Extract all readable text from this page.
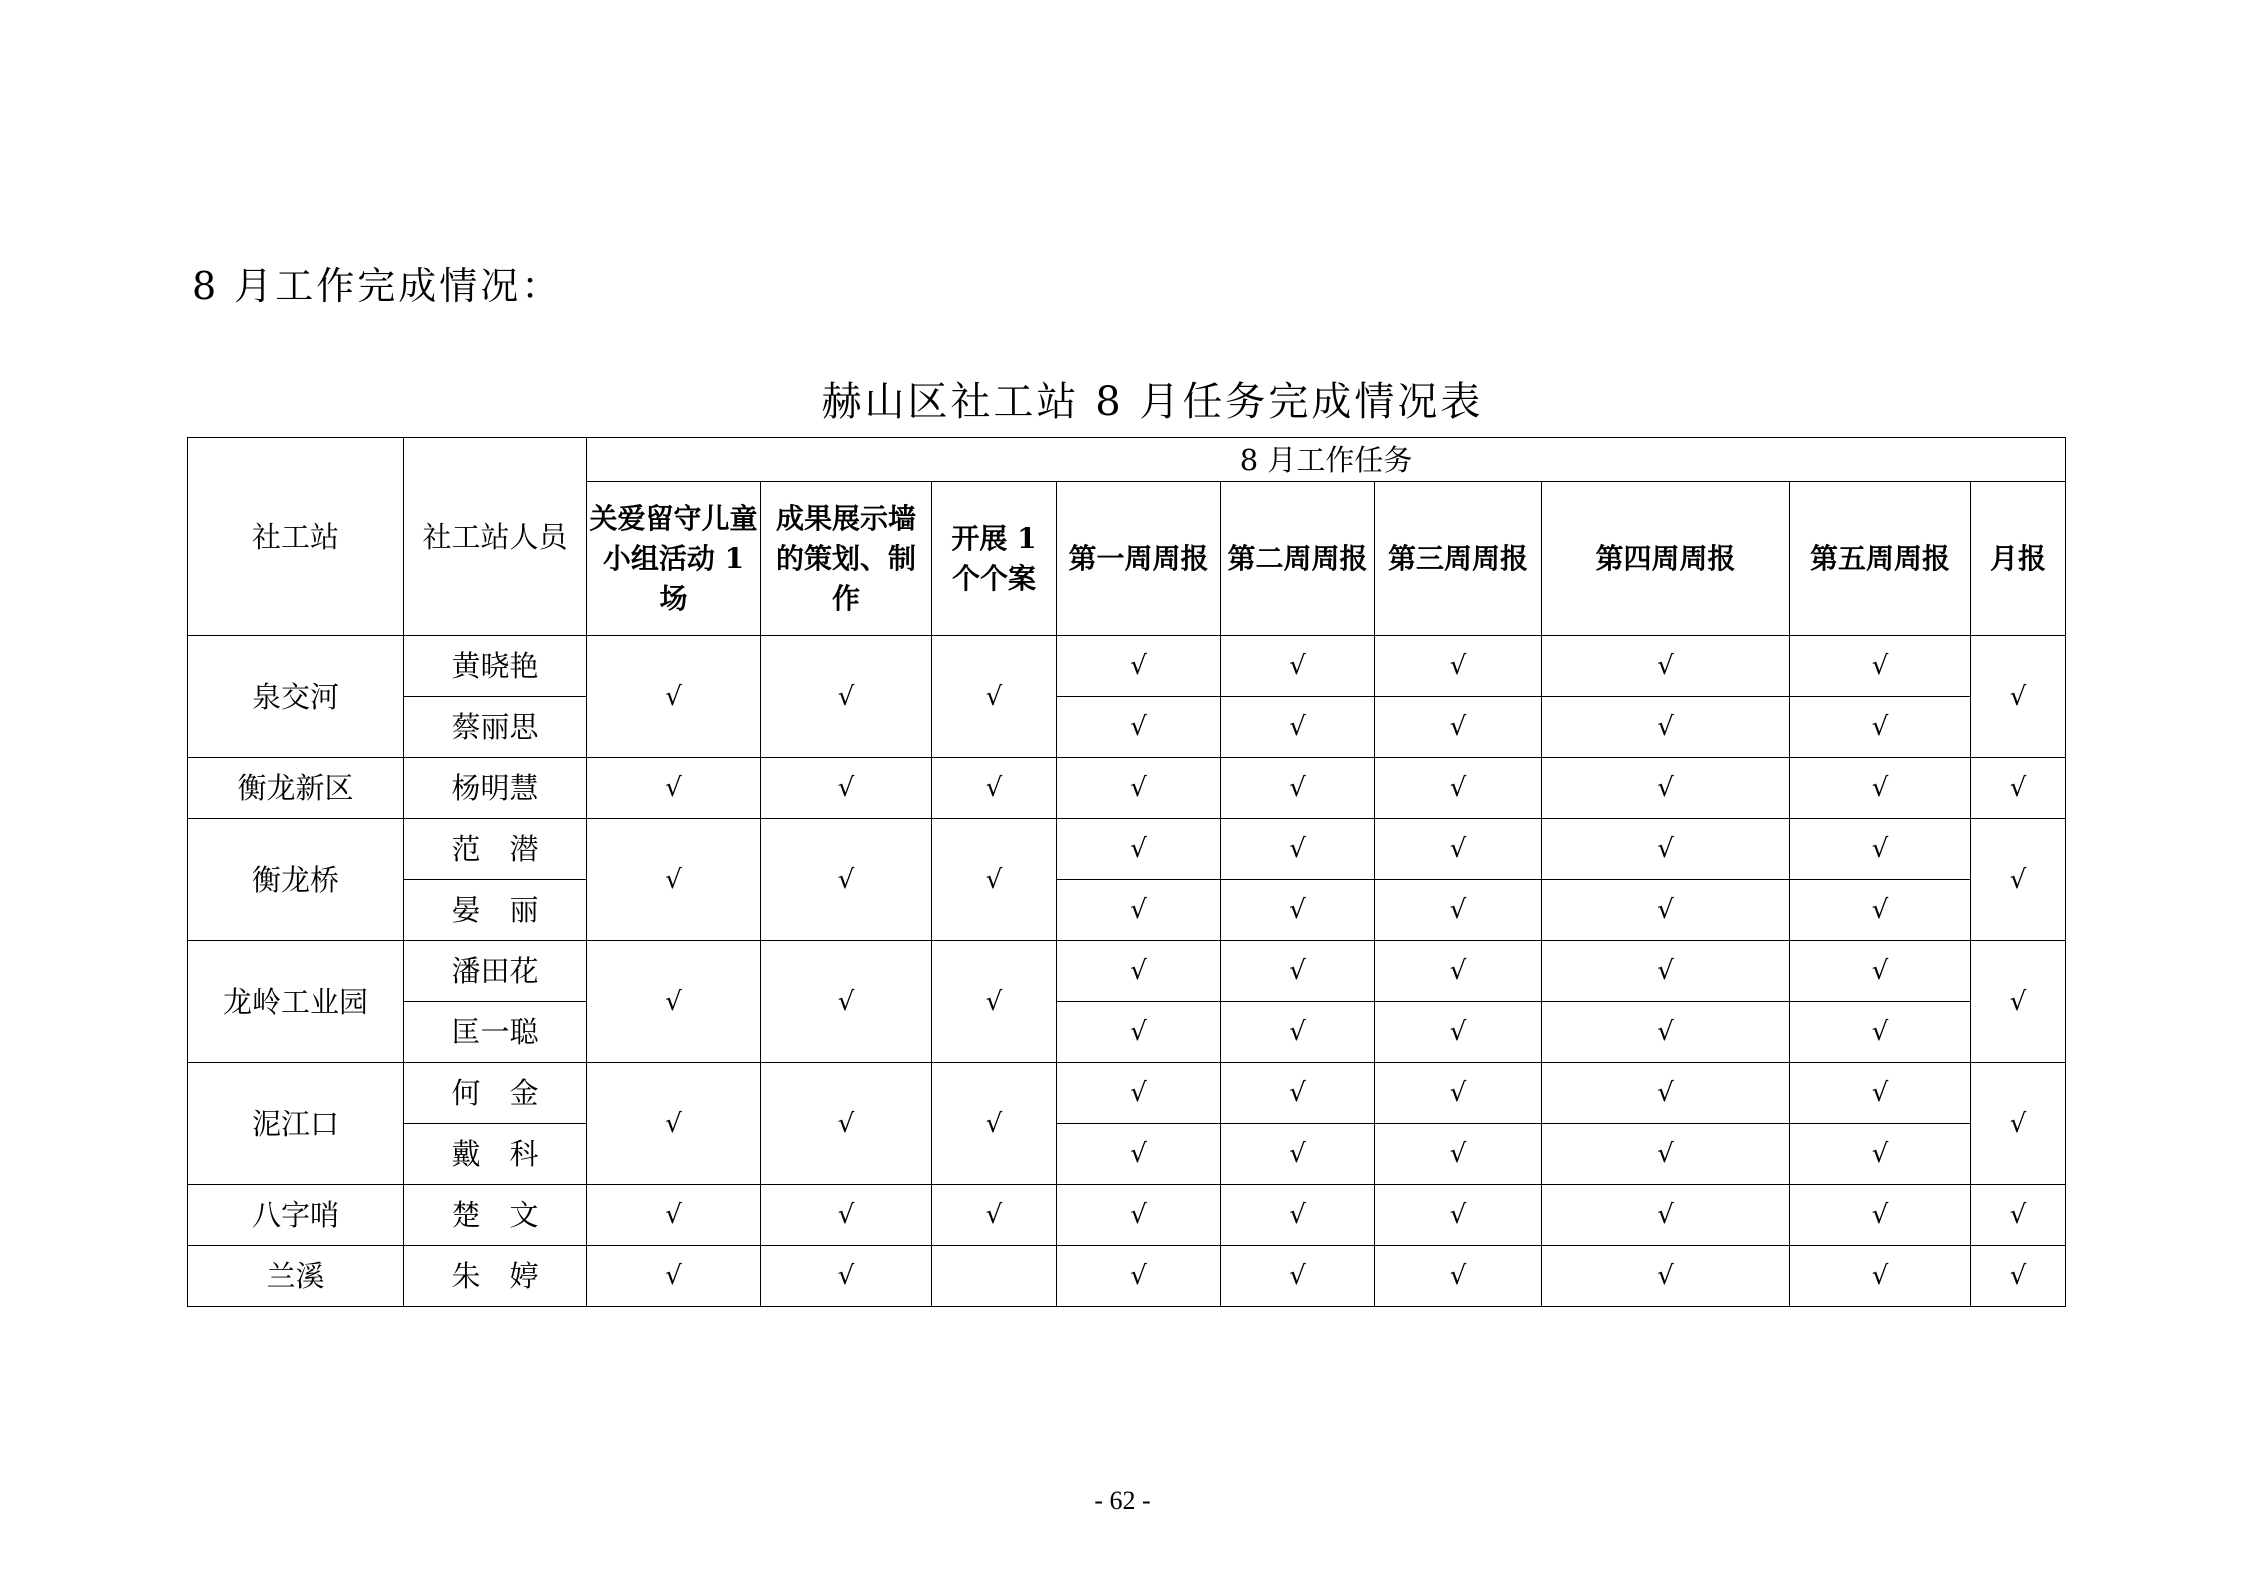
8 月工作完成情况：
赫山区社工站 8 月任务完成情况表
社工站	社工站人员	8 月工作任务								
		关爱留守儿童小组活动 1 场	成果展示墙的策划、制作	开展 1 个个案	第一周周报	第二周周报	第三周周报	第四周周报	第五周周报	月报
泉交河	黄晓艳	√	√	√	√	√	√	√	√	√
	蔡丽思				√	√	√	√	√	
衡龙新区	杨明慧	√	√	√	√	√	√	√	√	√
衡龙桥	范　潜	√	√	√	√	√	√	√	√	√
	晏　丽				√	√	√	√	√	
龙岭工业园	潘田花	√	√	√	√	√	√	√	√	√
	匡一聪				√	√	√	√	√	
泥江口	何　金	√	√	√	√	√	√	√	√	√
	戴　科				√	√	√	√	√	
八字哨	楚　文	√	√	√	√	√	√	√	√	√
兰溪	朱　婷	√	√		√	√	√	√	√	√
- 62 -
